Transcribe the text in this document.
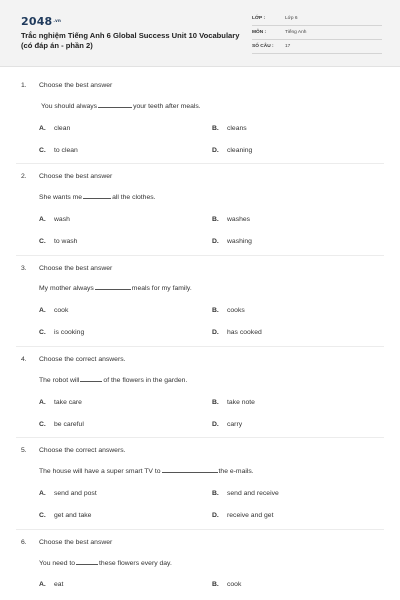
$2048^{.vn}$
Trắc nghiệm Tiếng Anh 6 Global Success Unit 10 Vocabulary (có đáp án - phần 2)
LỚP :	Lớp 6
MÔN :	Tiếng Anh
SỐ CÂU : 17
1. Choose the best answer
You should always	your teeth after meals.
A. clean	B. cleans
C. to clean	D. cleaning
2. Choose the best answer
She wants me	all the clothes.
A. wash	B. washes
C. to wash	D. washing
3. Choose the best answer
My mother always	meals for my family.
A. cook	B. cooks
C. is cooking	D. has cooked
4. Choose the correct answers.
The robot will	of the flowers in the garden.
A. take care	B. take note
C. be careful	D. carry
5. Choose the correct answers.
The house will have a super smart TV to	the e-mails.
A. send and post	B. send and receive
C. get and take	D. receive and get
6. Choose the best answer
You need to	these flowers every day.
A. eat	B. cook
